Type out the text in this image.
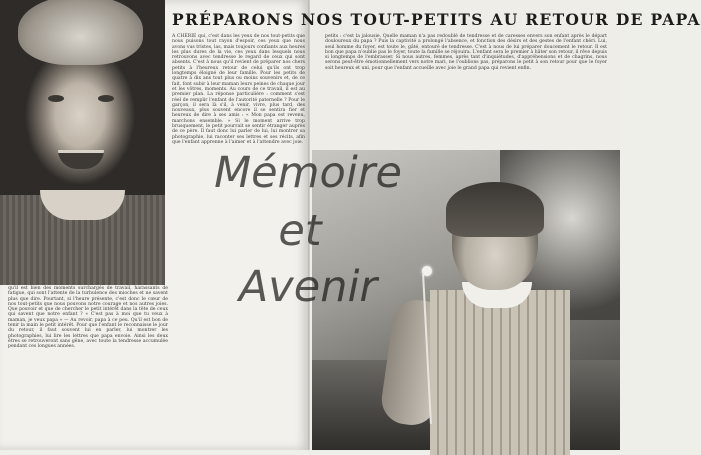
A CHÉRIE qui, c'est dans les yeux de nos tout-petits que nous puisons tout rayon d'espoir, ces yeux que nous avons vus tristes, las, mais toujours confiants aux heures les plus dures de la vie, ces yeux dans lesquels nous retrouvons avec tendresse le regard de ceux qui sont absents. C'est à nous qu'il revient de préparer nos chers petits à l'heureux retour de celui qu'ils ont trop longtemps éloigné de leur famille. Pour les petits de quatre à dix ans tout plus ou moins souvenirs et, de ce fait, font subir à leur maman leurs peines de chaque jour et les vôtres, moments. Au cours de ce travail, il est au premier plan. La réponse particulière : comment s'est réel de remplir l'enfant de l'autorité paternelle ? Pour le garçon, il sera là s'il, à venir, vivre, plus tard, des nouveaux, plus souvent encore il se sentira fier et heureux de dire à ses amis : « Mon papa est revenu, marchons ensemble. » Si le moment arrive trop brusquement, le petit pourrait se sentir étranger auprès de ce père. Il faut donc lui parler de lui, lui montrer sa photographie, lui raconter ses lettres et ses récits, afin que l'enfant apprenne à l'aimer et à l'attendre avec joie.

qu'il est bien des moments surchargés de travail, harassants de fatigue, qui sont l'attente de la turbulence des mioches et ne savent plus que dire. Pourtant, si l'heure présente, c'est donc le cœur de nos tout-petits que nous pouvons notre courage et nos autres joies. Que pouvoir et que de chercher le petit intérêt dans la tête de ceux qui savent que notre enfant ? « C'est pas à moi que tu veux à maman, je veux papa » — Au revoir, papa à ce peu. Qu'il est bon de tenir la main le petit intérêt. Pour que l'enfant le reconnaisse le jour du retour, il faut souvent lui en parler, lui montrer les photographies, lui lire les lettres que papa envoie. Ainsi les deux êtres se retrouveront sans gêne, avec toute la tendresse accumulée pendant ces longues années.

petits : c'est la jalousie. Quelle maman n'a pas redoublé de tendresse et de caresses envers son enfant après le départ douloureux du papa ? Puis la captivité a prolongé l'absence, et fonction des désirs et des gestes de l'enfant chéri. Lui, seul homme du foyer, est toute le, gâté, entouré de tendresse. C'est à nous de lui préparer doucement le retour. Il est bon que papa n'oublie pas le foyer, toute la famille se réjouira. L'enfant sera le premier à hâter son retour, il rêve depuis si longtemps de l'embrasser. Si nous autres, femmes, après tant d'inquiétudes, d'appréhensions et de chagrins, nous serons peut-être émotionnellement vers notre mari, ne l'oublions pas, préparons le petit à son retour pour que le foyer soit heureux et uni, pour que l'enfant accueille avec joie le grand papa qui revient enfin.

PRÉPARONS NOS TOUT-PETITS AU RETOUR DE PAPA
Mémoire
et
Avenir
